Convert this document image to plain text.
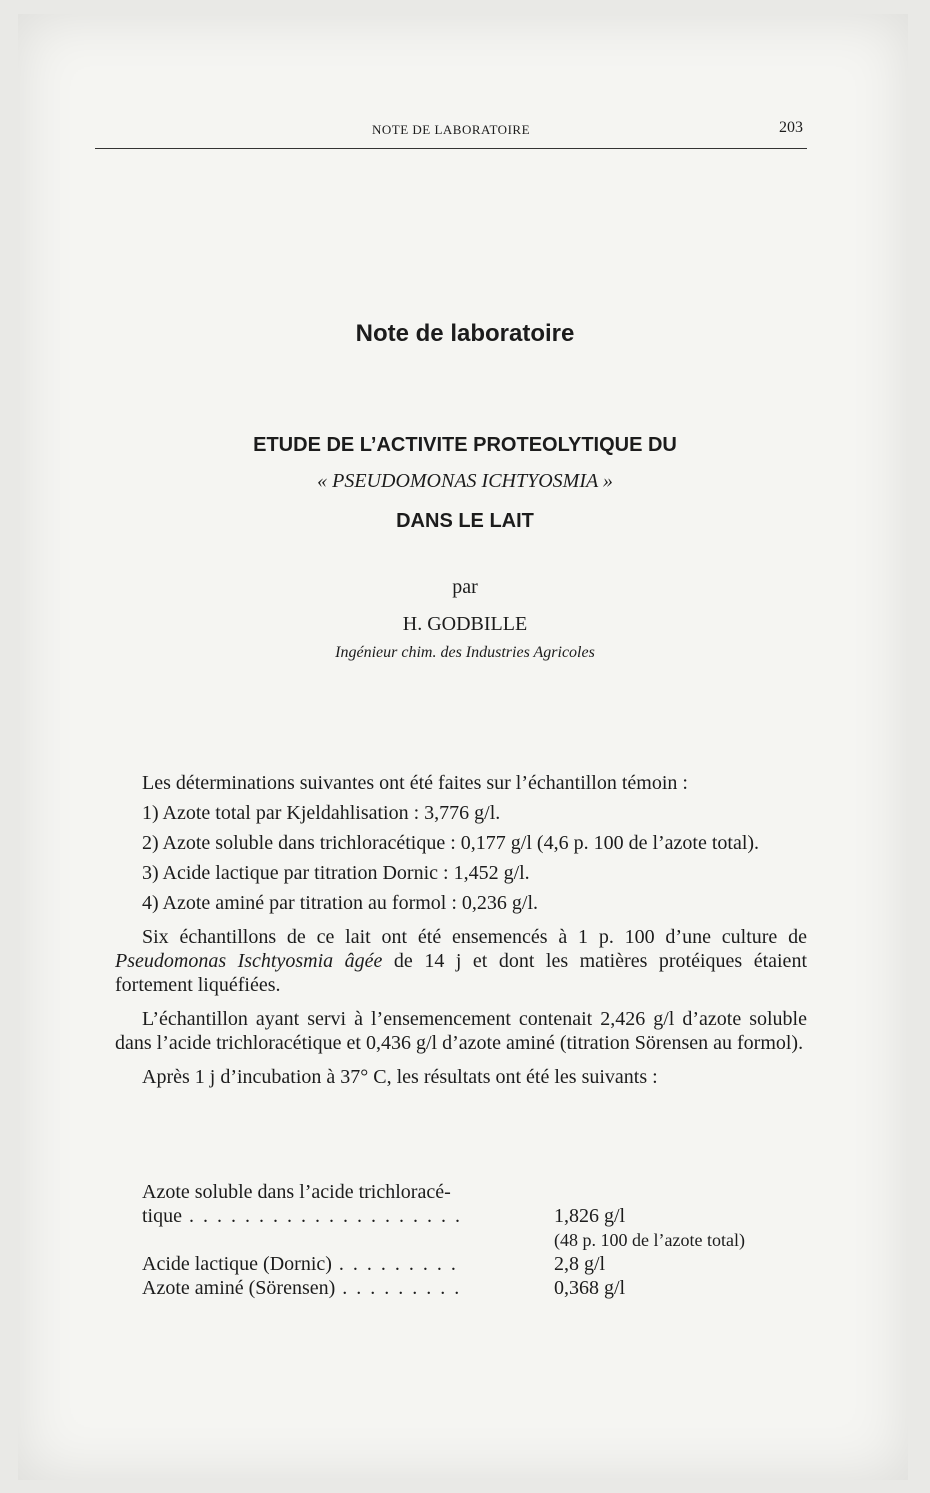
NOTE DE LABORATOIRE	203
Note de laboratoire
ETUDE DE L’ACTIVITE PROTEOLYTIQUE DU
« PSEUDOMONAS ICHTYOSMIA »
DANS LE LAIT
par
H. GODBILLE
Ingénieur chim. des Industries Agricoles

Les déterminations suivantes ont été faites sur l’échantillon témoin :

1) Azote total par Kjeldahlisation : 3,776 g/l.

2) Azote soluble dans trichloracétique : 0,177 g/l (4,6 p. 100 de l’azote total).

3) Acide lactique par titration Dornic : 1,452 g/l.

4) Azote aminé par titration au formol : 0,236 g/l.

Six échantillons de ce lait ont été ensemencés à 1 p. 100 d’une culture de Pseudomonas Ischtyosmia âgée de 14 j et dont les matières protéiques étaient fortement liquéfiées.

L’échantillon ayant servi à l’ensemencement contenait 2,426 g/l d’azote soluble dans l’acide trichloracétique et 0,436 g/l d’azote aminé (titration Sörensen au formol).

Après 1 j d’incubation à 37° C, les résultats ont été les suivants :

Azote soluble dans l’acide trichloracé-
tique . . . . . . . . . . . . . . . . . . . .	1,826 g/l
(48 p. 100 de l’azote total)
Acide lactique (Dornic) . . . . . . . . .	2,8 g/l
Azote aminé (Sörensen) . . . . . . . . .	0,368 g/l
